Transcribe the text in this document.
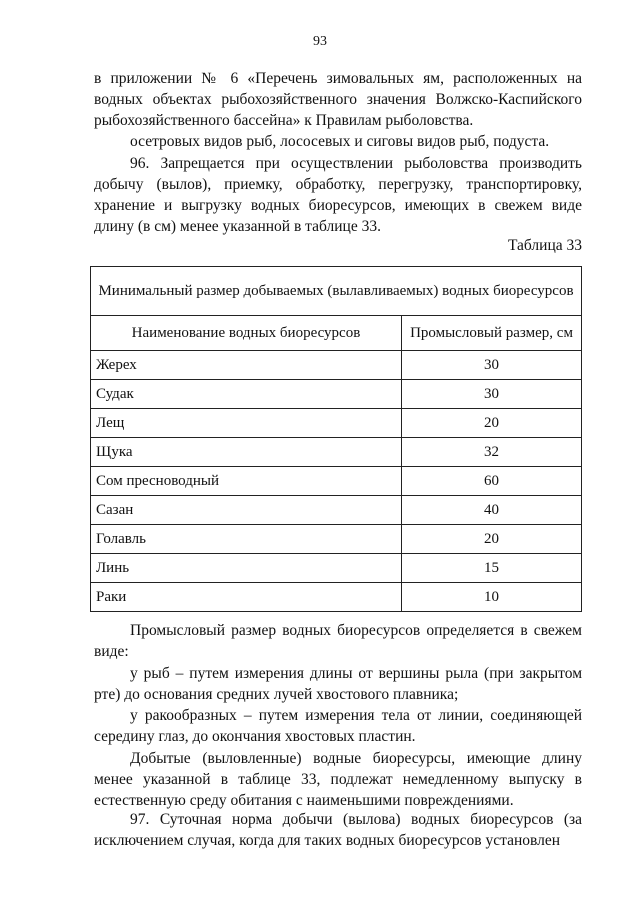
93
в приложении № 6 «Перечень зимовальных ям, расположенных на водных объектах рыбохозяйственного значения Волжско-Каспийского рыбохозяйственного бассейна» к Правилам рыболовства.
осетровых видов рыб, лососевых и сиговы видов рыб, подуста.
96. Запрещается при осуществлении рыболовства производить добычу (вылов), приемку, обработку, перегрузку, транспортировку, хранение и выгрузку водных биоресурсов, имеющих в свежем виде длину (в см) менее указанной в таблице 33.
Таблица 33
Минимальный размер добываемых (вылавливаемых) водных биоресурсов	
Наименование водных биоресурсов	Промысловый размер, см
Жерех	30
Судак	30
Лещ	20
Щука	32
Сом пресноводный	60
Сазан	40
Голавль	20
Линь	15
Раки	10
Промысловый размер водных биоресурсов определяется в свежем виде:
у рыб – путем измерения длины от вершины рыла (при закрытом рте) до основания средних лучей хвостового плавника;
у ракообразных – путем измерения тела от линии, соединяющей середину глаз, до окончания хвостовых пластин.
Добытые (выловленные) водные биоресурсы, имеющие длину менее указанной в таблице 33, подлежат немедленному выпуску в естественную среду обитания с наименьшими повреждениями.
97. Суточная норма добычи (вылова) водных биоресурсов (за исключением случая, когда для таких водных биоресурсов установлен
